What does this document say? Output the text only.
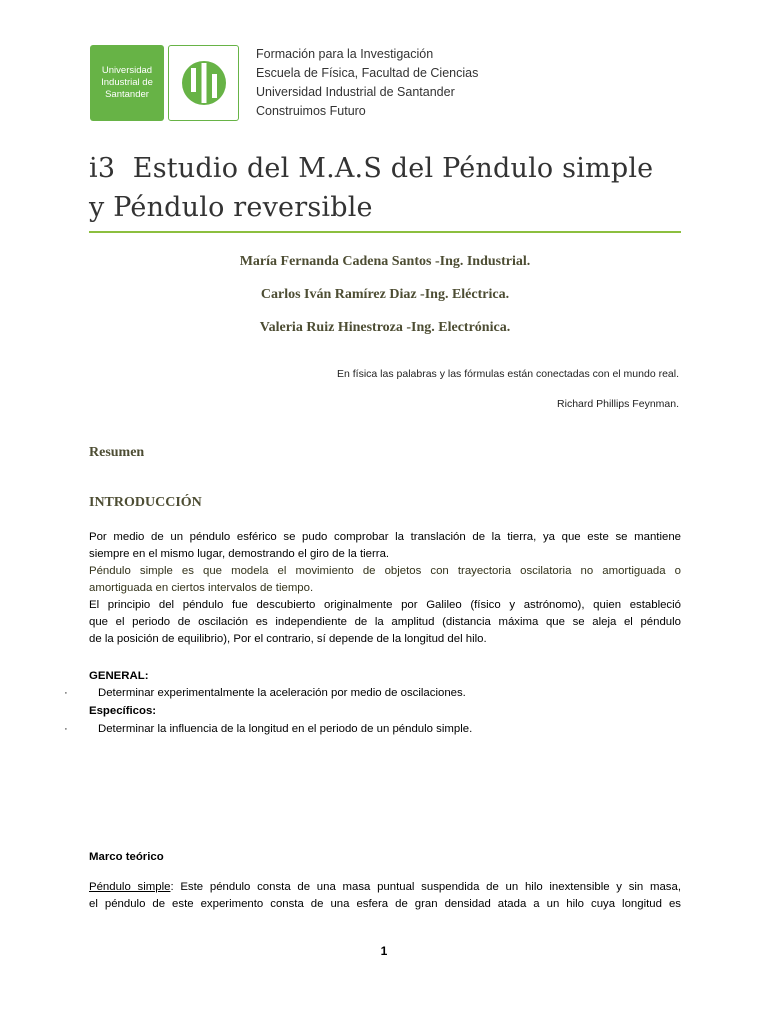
Universidad
Industrial de
Santander
Formación para la Investigación
Escuela de Física, Facultad de Ciencias
Universidad Industrial de Santander
Construimos Futuro
i3  Estudio del M.A.S del Péndulo simple
y Péndulo reversible
María Fernanda Cadena Santos -Ing. Industrial.
Carlos Iván Ramírez Diaz -Ing. Eléctrica.
Valeria Ruiz Hinestroza -Ing. Electrónica.
En física las palabras y las fórmulas están conectadas con el mundo real.
Richard Phillips Feynman.
Resumen
INTRODUCCIÓN
Por medio de un péndulo esférico se pudo comprobar la translación de la tierra, ya que este se mantiene
siempre en el mismo lugar, demostrando el giro de la tierra.
Péndulo simple es que modela el movimiento de objetos con trayectoria oscilatoria no amortiguada o
amortiguada en ciertos intervalos de tiempo.
El principio del péndulo fue descubierto originalmente por Galileo (físico y astrónomo), quien estableció
que el periodo de oscilación es independiente de la amplitud (distancia máxima que se aleja el péndulo
de la posición de equilibrio), Por el contrario, sí depende de la longitud del hilo.
GENERAL:
·	Determinar experimentalmente la aceleración por medio de oscilaciones.
Específicos:
·	Determinar la influencia de la longitud en el periodo de un péndulo simple.
Marco teórico
Péndulo simple: Este péndulo consta de una masa puntual suspendida de un hilo inextensible y sin masa,
el péndulo de este experimento consta de una esfera de gran densidad atada a un hilo cuya longitud es
1
